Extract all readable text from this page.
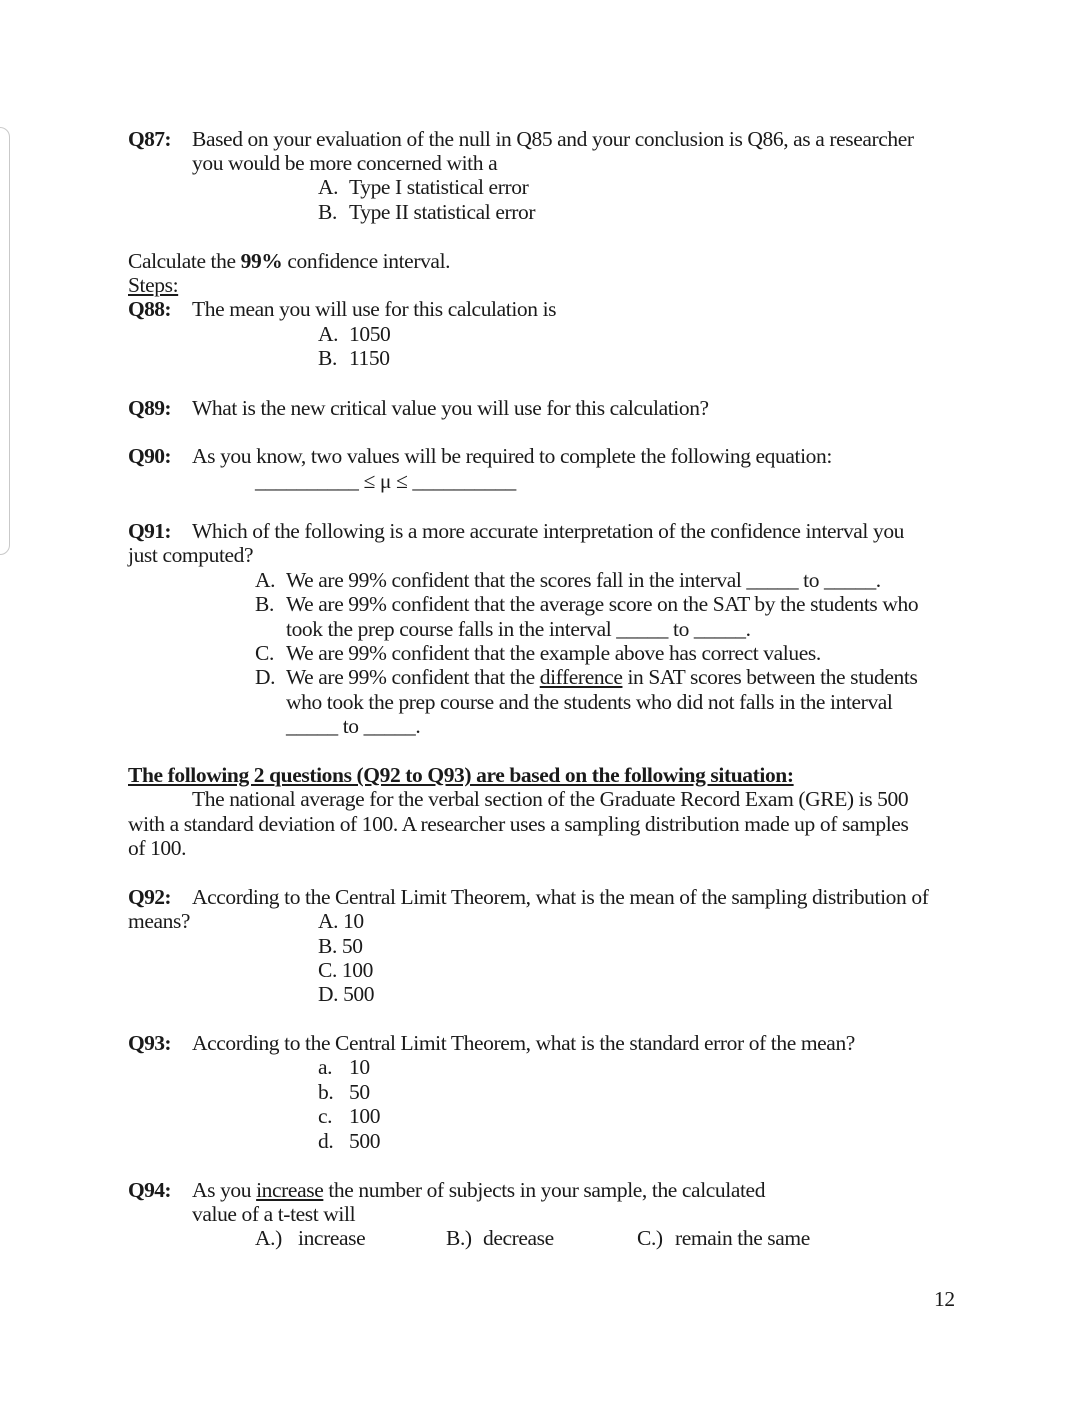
Q87: Based on your evaluation of the null in Q85 and your conclusion is Q86, as a researcher
you would be more concerned with a
A. Type I statistical error
B. Type II statistical error
Calculate the 99% confidence interval.
Steps:
Q88: The mean you will use for this calculation is
A. 1050
B. 1150
Q89: What is the new critical value you will use for this calculation?
Q90: As you know, two values will be required to complete the following equation:
__________ ≤ μ ≤ __________
Q91: Which of the following is a more accurate interpretation of the confidence interval you
just computed?
A. We are 99% confident that the scores fall in the interval _____ to _____.
B. We are 99% confident that the average score on the SAT by the students who
took the prep course falls in the interval _____ to _____.
C. We are 99% confident that the example above has correct values.
D. We are 99% confident that the difference in SAT scores between the students
who took the prep course and the students who did not falls in the interval
_____ to _____.
The following 2 questions (Q92 to Q93) are based on the following situation:
The national average for the verbal section of the Graduate Record Exam (GRE) is 500
with a standard deviation of 100. A researcher uses a sampling distribution made up of samples
of 100.
Q92: According to the Central Limit Theorem, what is the mean of the sampling distribution of
means?	A. 10
B. 50
C. 100
D. 500
Q93: According to the Central Limit Theorem, what is the standard error of the mean?
a. 10
b. 50
c. 100
d. 500
Q94: As you increase the number of subjects in your sample, the calculated
value of a t-test will
A.) increase	B.) decrease	C.) remain the same
12
